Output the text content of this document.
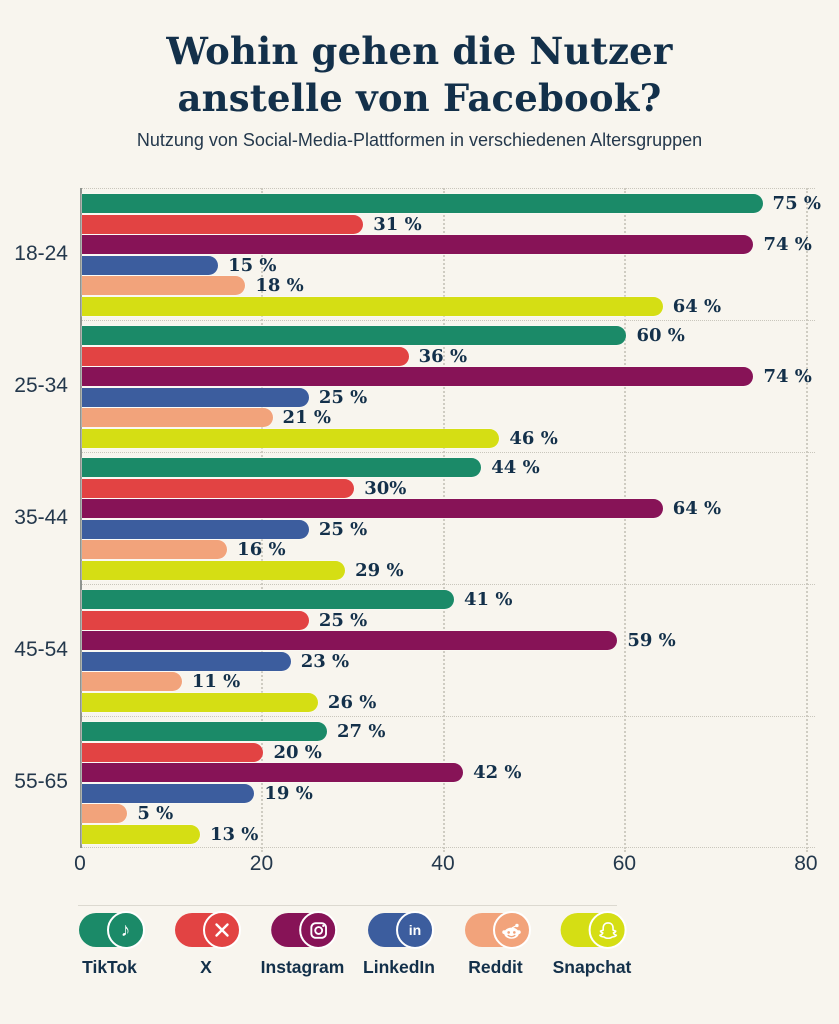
Wohin gehen die Nutzer
anstelle von Facebook?
Nutzung von Social-Media-Plattformen in verschiedenen Altersgruppen
75 %
31 %
74 %
15 %
18 %
64 %
60 %
36 %
74 %
25 %
21 %
46 %
44 %
30%
64 %
25 %
16 %
29 %
41 %
25 %
59 %
23 %
11 %
26 %
27 %
20 %
42 %
19 %
5 %
13 %
18-24
25-34
35-44
45-54
55-65
0	20	40	60	80
♪
TikTok	X	Instagram
in
LinkedIn Reddit Snapchat
